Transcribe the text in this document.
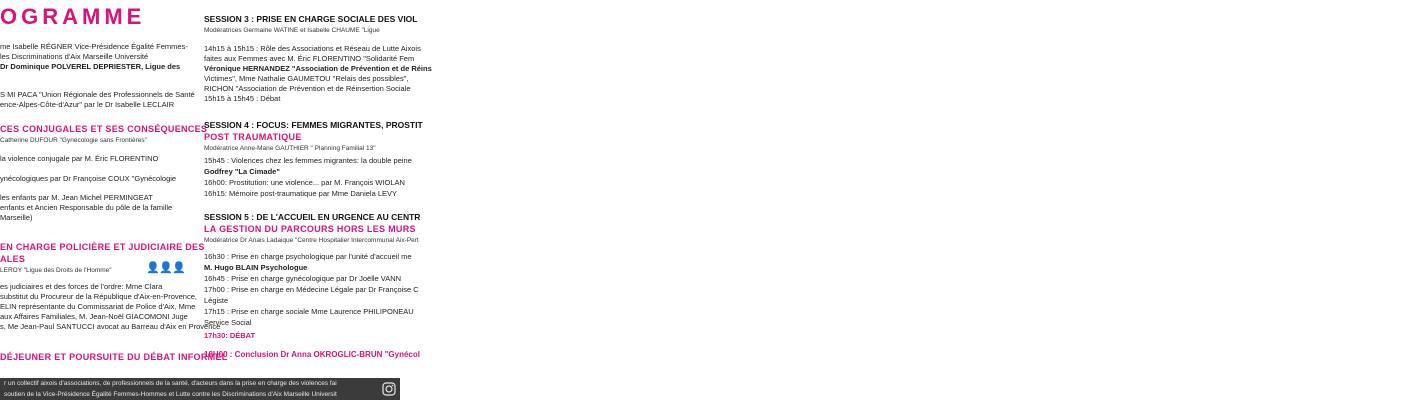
OGRAMME
me Isabelle RÉGNER Vice-Présidence Égalité Femmes-
les Discriminations d'Aix Marseille Université
Dr Dominique POLVEREL DEPRIESTER, Ligue des
S MI PACA "Union Régionale des Professionnels de Santé
ence-Alpes-Côte-d'Azur" par le Dr Isabelle LECLAIR
CES CONJUGALES ET SES CONSÉQUENCES
Catherine DUFOUR "Gynécologie sans Frontières"
la violence conjugale par M. Éric FLORENTINO
ynécologiques par Dr Françoise COUX "Gynécologie
les enfants par M. Jean Michel PERMINGEAT
enfants et Ancien Responsable du pôle de la famille
Marseille)
EN CHARGE POLICIÈRE ET JUDICIAIRE DES
ALES
LEROY "Ligue des Droits de l'Homme"
es judiciaires et des forces de l'ordre: Mme Clara
substitut du Procureur de la République d'Aix-en-Provence,
ELIN représentante du Commissariat de Police d'Aix, Mme
aux Affaires Familiales, M. Jean-Noël GIACOMONI Juge
s, Me Jean-Paul SANTUCCI avocat au Barreau d'Aix en Provence
DÉJEUNER ET POURSUITE DU DÉBAT INFORMEL
👤👤👤
SESSION 3 : PRISE EN CHARGE SOCIALE DES VIOL
Modératrices Germaine WATINE et Isabelle CHAUME "Ligue
14h15 à 15h15 : Rôle des Associations et Réseau de Lutte Aixois
faites aux Femmes avec M. Éric FLORENTINO "Solidarité Fem
Véronique HERNANDEZ "Association de Prévention et de Réins
Victimes", Mme Nathalie GAUMETOU "Relais des possibles",
RICHON "Association de Prévention et de Réinsertion Sociale
15h15 à 15h45 : Débat
SESSION 4 : FOCUS: FEMMES MIGRANTES, PROSTIT
POST TRAUMATIQUE
Modératrice Anne-Marie GAUTHIER " Planning Familial 13"
15h45 : Violences chez les femmes migrantes: la double peine
Godfrey "La Cimade"
16h00: Prostitution: une violence... par M. François WIOLAN
16h15: Mémoire post-traumatique par Mme Daniela LEVY
SESSION 5 : DE L'ACCUEIL EN URGENCE AU CENTR
LA GESTION DU PARCOURS HORS LES MURS
Modératrice Dr Anais Ladaique "Centre Hospitalier Intercommunal Aix-Pert
16h30 : Prise en charge psychologique par l'unité d'accueil me
M. Hugo BLAIN Psychologue
16h45 : Prise en charge gynécologique par Dr Joëlle VANN
17h00 : Prise en charge en Médecine Légale par Dr Françoise C
Légiste
17h15 : Prise en charge sociale Mme Laurence PHILIPONEAU
Service Social
17h30: DÉBAT
18H00 : Conclusion Dr Anna OKROGLIC-BRUN "Gynécol
r un collectif aixois d'associations, de professionnels de la santé, d'acteurs dans la prise en charge des violences fai
soutien de la Vice-Présidence Égalité Femmes-Hommes et Lutte contre les Discriminations d'Aix Marseille Universit
